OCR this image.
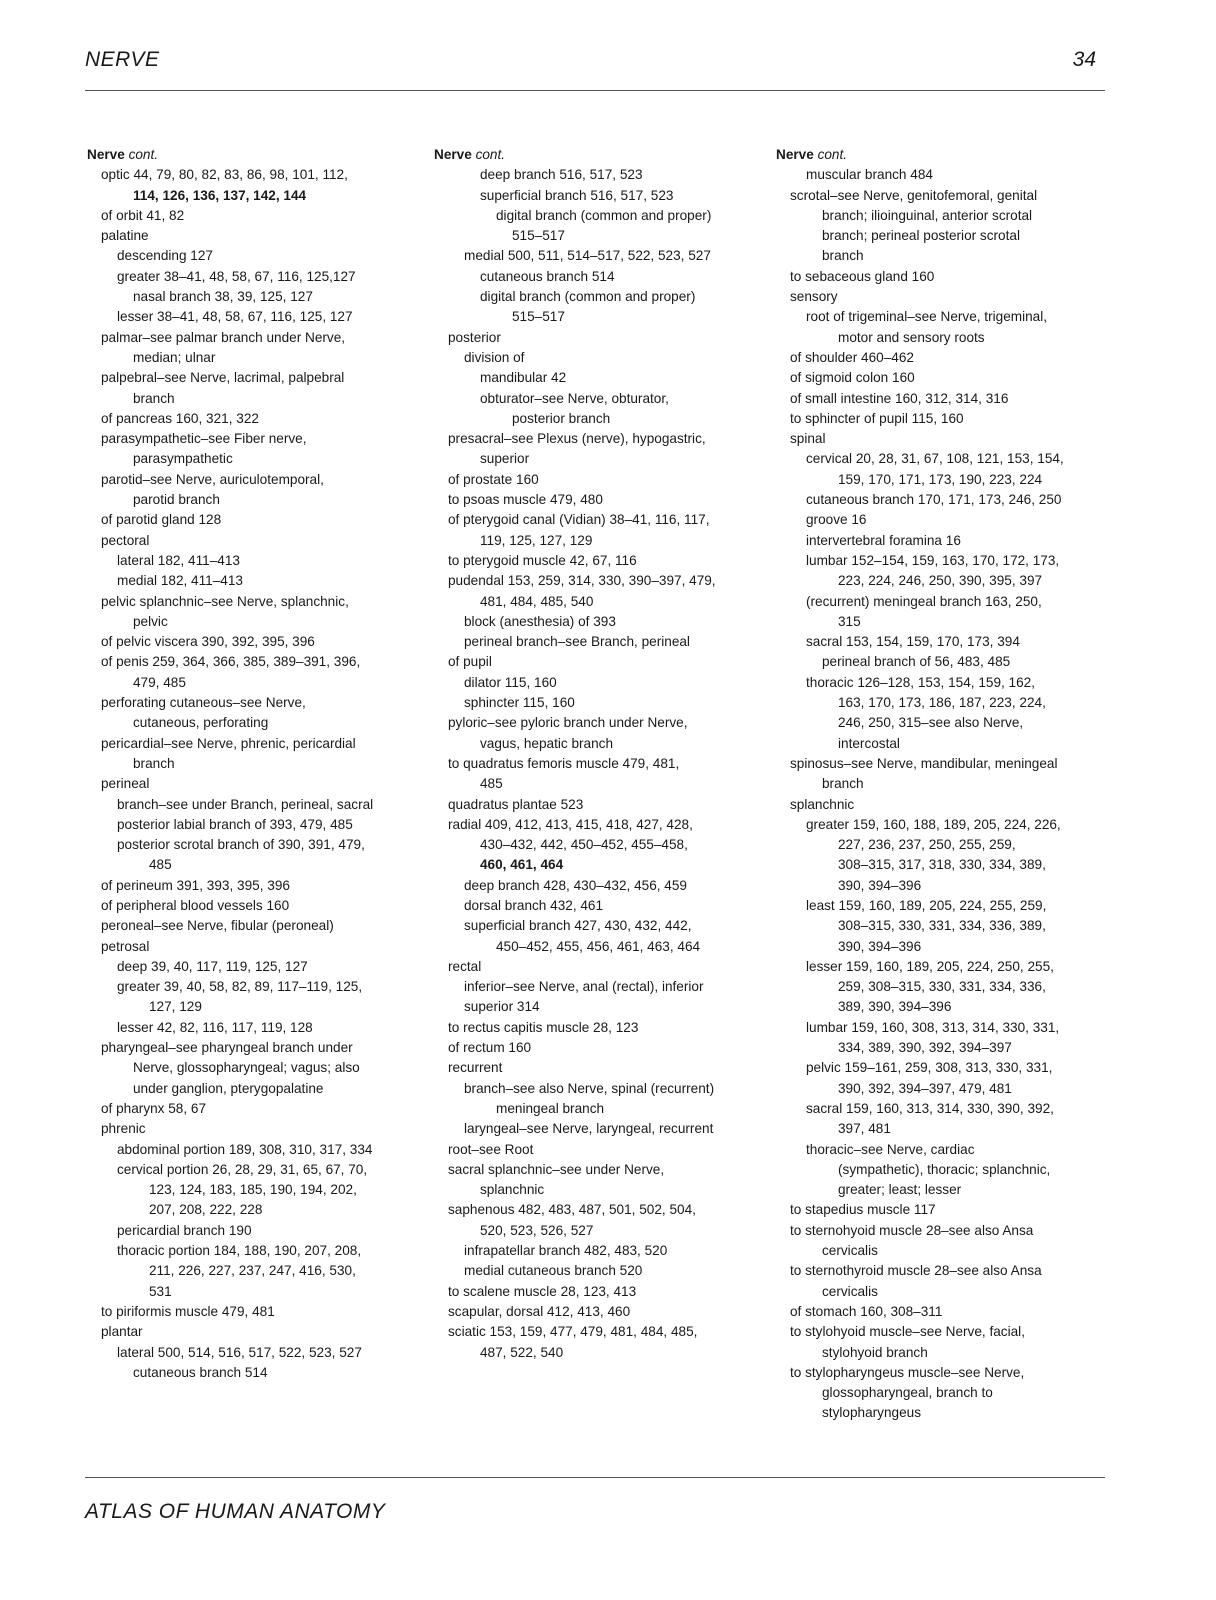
NERVE	34
Nerve cont.
optic 44, 79, 80, 82, 83, 86, 98, 101, 112,
114, 126, 136, 137, 142, 144
of orbit 41, 82
palatine
descending 127
greater 38–41, 48, 58, 67, 116, 125,127
nasal branch 38, 39, 125, 127
lesser 38–41, 48, 58, 67, 116, 125, 127
palmar–see palmar branch under Nerve,
median; ulnar
palpebral–see Nerve, lacrimal, palpebral
branch
of pancreas 160, 321, 322
parasympathetic–see Fiber nerve,
parasympathetic
parotid–see Nerve, auriculotemporal,
parotid branch
of parotid gland 128
pectoral
lateral 182, 411–413
medial 182, 411–413
pelvic splanchnic–see Nerve, splanchnic,
pelvic
of pelvic viscera 390, 392, 395, 396
of penis 259, 364, 366, 385, 389–391, 396,
479, 485
perforating cutaneous–see Nerve,
cutaneous, perforating
pericardial–see Nerve, phrenic, pericardial
branch
perineal
branch–see under Branch, perineal, sacral
posterior labial branch of 393, 479, 485
posterior scrotal branch of 390, 391, 479,
485
of perineum 391, 393, 395, 396
of peripheral blood vessels 160
peroneal–see Nerve, fibular (peroneal)
petrosal
deep 39, 40, 117, 119, 125, 127
greater 39, 40, 58, 82, 89, 117–119, 125,
127, 129
lesser 42, 82, 116, 117, 119, 128
pharyngeal–see pharyngeal branch under
Nerve, glossopharyngeal; vagus; also
under ganglion, pterygopalatine
of pharynx 58, 67
phrenic
abdominal portion 189, 308, 310, 317, 334
cervical portion 26, 28, 29, 31, 65, 67, 70,
123, 124, 183, 185, 190, 194, 202,
207, 208, 222, 228
pericardial branch 190
thoracic portion 184, 188, 190, 207, 208,
211, 226, 227, 237, 247, 416, 530,
531
to piriformis muscle 479, 481
plantar
lateral 500, 514, 516, 517, 522, 523, 527
cutaneous branch 514
Nerve cont.
deep branch 516, 517, 523
superficial branch 516, 517, 523
digital branch (common and proper)
515–517
medial 500, 511, 514–517, 522, 523, 527
cutaneous branch 514
digital branch (common and proper)
515–517
posterior
division of
mandibular 42
obturator–see Nerve, obturator,
posterior branch
presacral–see Plexus (nerve), hypogastric,
superior
of prostate 160
to psoas muscle 479, 480
of pterygoid canal (Vidian) 38–41, 116, 117,
119, 125, 127, 129
to pterygoid muscle 42, 67, 116
pudendal 153, 259, 314, 330, 390–397, 479,
481, 484, 485, 540
block (anesthesia) of 393
perineal branch–see Branch, perineal
of pupil
dilator 115, 160
sphincter 115, 160
pyloric–see pyloric branch under Nerve,
vagus, hepatic branch
to quadratus femoris muscle 479, 481,
485
quadratus plantae 523
radial 409, 412, 413, 415, 418, 427, 428,
430–432, 442, 450–452, 455–458,
460, 461, 464
deep branch 428, 430–432, 456, 459
dorsal branch 432, 461
superficial branch 427, 430, 432, 442,
450–452, 455, 456, 461, 463, 464
rectal
inferior–see Nerve, anal (rectal), inferior
superior 314
to rectus capitis muscle 28, 123
of rectum 160
recurrent
branch–see also Nerve, spinal (recurrent)
meningeal branch
laryngeal–see Nerve, laryngeal, recurrent
root–see Root
sacral splanchnic–see under Nerve,
splanchnic
saphenous 482, 483, 487, 501, 502, 504,
520, 523, 526, 527
infrapatellar branch 482, 483, 520
medial cutaneous branch 520
to scalene muscle 28, 123, 413
scapular, dorsal 412, 413, 460
sciatic 153, 159, 477, 479, 481, 484, 485,
487, 522, 540
Nerve cont.
muscular branch 484
scrotal–see Nerve, genitofemoral, genital
branch; ilioinguinal, anterior scrotal
branch; perineal posterior scrotal
branch
to sebaceous gland 160
sensory
root of trigeminal–see Nerve, trigeminal,
motor and sensory roots
of shoulder 460–462
of sigmoid colon 160
of small intestine 160, 312, 314, 316
to sphincter of pupil 115, 160
spinal
cervical 20, 28, 31, 67, 108, 121, 153, 154,
159, 170, 171, 173, 190, 223, 224
cutaneous branch 170, 171, 173, 246, 250
groove 16
intervertebral foramina 16
lumbar 152–154, 159, 163, 170, 172, 173,
223, 224, 246, 250, 390, 395, 397
(recurrent) meningeal branch 163, 250,
315
sacral 153, 154, 159, 170, 173, 394
perineal branch of 56, 483, 485
thoracic 126–128, 153, 154, 159, 162,
163, 170, 173, 186, 187, 223, 224,
246, 250, 315–see also Nerve,
intercostal
spinosus–see Nerve, mandibular, meningeal
branch
splanchnic
greater 159, 160, 188, 189, 205, 224, 226,
227, 236, 237, 250, 255, 259,
308–315, 317, 318, 330, 334, 389,
390, 394–396
least 159, 160, 189, 205, 224, 255, 259,
308–315, 330, 331, 334, 336, 389,
390, 394–396
lesser 159, 160, 189, 205, 224, 250, 255,
259, 308–315, 330, 331, 334, 336,
389, 390, 394–396
lumbar 159, 160, 308, 313, 314, 330, 331,
334, 389, 390, 392, 394–397
pelvic 159–161, 259, 308, 313, 330, 331,
390, 392, 394–397, 479, 481
sacral 159, 160, 313, 314, 330, 390, 392,
397, 481
thoracic–see Nerve, cardiac
(sympathetic), thoracic; splanchnic,
greater; least; lesser
to stapedius muscle 117
to sternohyoid muscle 28–see also Ansa
cervicalis
to sternothyroid muscle 28–see also Ansa
cervicalis
of stomach 160, 308–311
to stylohyoid muscle–see Nerve, facial,
stylohyoid branch
to stylopharyngeus muscle–see Nerve,
glossopharyngeal, branch to
stylopharyngeus
ATLAS OF HUMAN ANATOMY
